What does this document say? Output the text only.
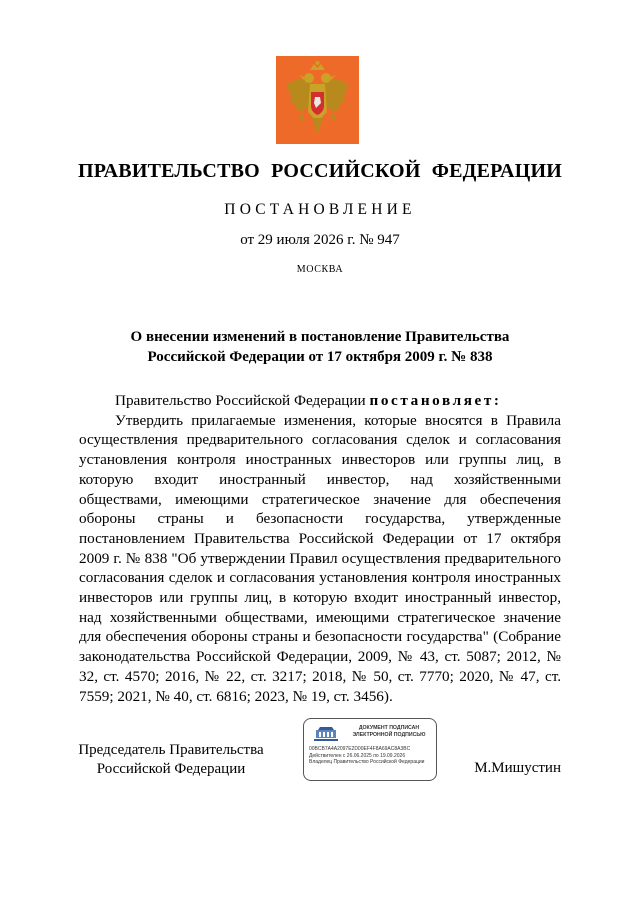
ПРАВИТЕЛЬСТВО РОССИЙСКОЙ ФЕДЕРАЦИИ
ПОСТАНОВЛЕНИЕ
от 29 июля 2026 г. № 947
МОСКВА
О внесении изменений в постановление Правительства
Российской Федерации от 17 октября 2009 г. № 838

Правительство Российской Федерации постановляет:

Утвердить прилагаемые изменения, которые вносятся в Правила осуществления предварительного согласования сделок и согласования установления контроля иностранных инвесторов или группы лиц, в которую входит иностранный инвестор, над хозяйственными обществами, имеющими стратегическое значение для обеспечения обороны страны и безопасности государства, утвержденные постановлением Правительства Российской Федерации от 17 октября 2009 г. № 838 "Об утверждении Правил осуществления предварительного согласования сделок и согласования установления контроля иностранных инвесторов или группы лиц, в которую входит иностранный инвестор, над хозяйственными обществами, имеющими стратегическое значение для обеспечения обороны страны и безопасности государства" (Собрание законодательства Российской Федерации, 2009, № 43, ст. 5087; 2012, № 32, ст. 4570; 2016, № 22, ст. 3217; 2018, № 50, ст. 7770; 2020, № 47, ст. 7559; 2021, № 40, ст. 6816; 2023, № 19, ст. 3456).

Председатель Правительства
Российской Федерации
ДОКУМЕНТ ПОДПИСАН
ЭЛЕКТРОННОЙ ПОДПИСЬЮ
00BCB7A4A2097E2D00EF4F8A69AC8A3BC
Действителен с 26.06.2025 по 19.09.2026
Владелец Правительство Российской Федерации	М.Мишустин
